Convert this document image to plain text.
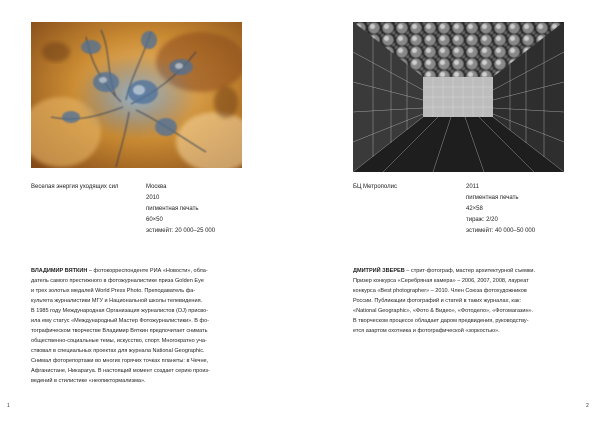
Веселая энергия уходящих сил	Москва
2010
пигментная печать
60×50
эстимейт: 20 000–25 000
ВЛАДИМИР ВЯТКИН – фотокорреспонденте РИА «Новости», обла-
датель самого престижного в фотожурналистике приза Golden Eye
и трех золотых медалей World Press Photo. Преподаватель фа-
культета журналистики МГУ и Национальной школы телевидения.
В 1985 году Международная Организация журналистов (ОЈ) присво-
ила ему статус «Международный Мастер Фотожурналистики». В фо-
тографическом творчестве Владимир Вяткин предпочитает снимать
общественно-социальные темы, искусство, спорт. Многократно уча-
ствовал в специальных проектах для журнала National Geographic.
Снимал фоторепортажи во многих горячих точках планеты: в Чечне,
Афганистане, Никарагуа. В настоящий момент создает серию произ-
ведений в стилистике «неопиктормализма».
1
БЦ Метрополис	2011
пигментная печать
42×58
тираж: 2/20
эстимейт: 40 000–50 000
ДМИТРИЙ ЗВЕРЕВ – стрит-фотограф, мастер архитектурной съемки.
Призер конкурса «Серебряная камера» – 2006, 2007, 2008, лауреат
конкурса «Best photographer» – 2010. Член Союза фотохудожников
России. Публикации фотографий и статей в таких журналах, как:
«National Geographic», «Фото & Видео», «Фотодело», «Фотомагазин».
В творческом процессе обладает даром предвидения, руководству-
ется азартом охотника и фотографической «зоркостью».
2
